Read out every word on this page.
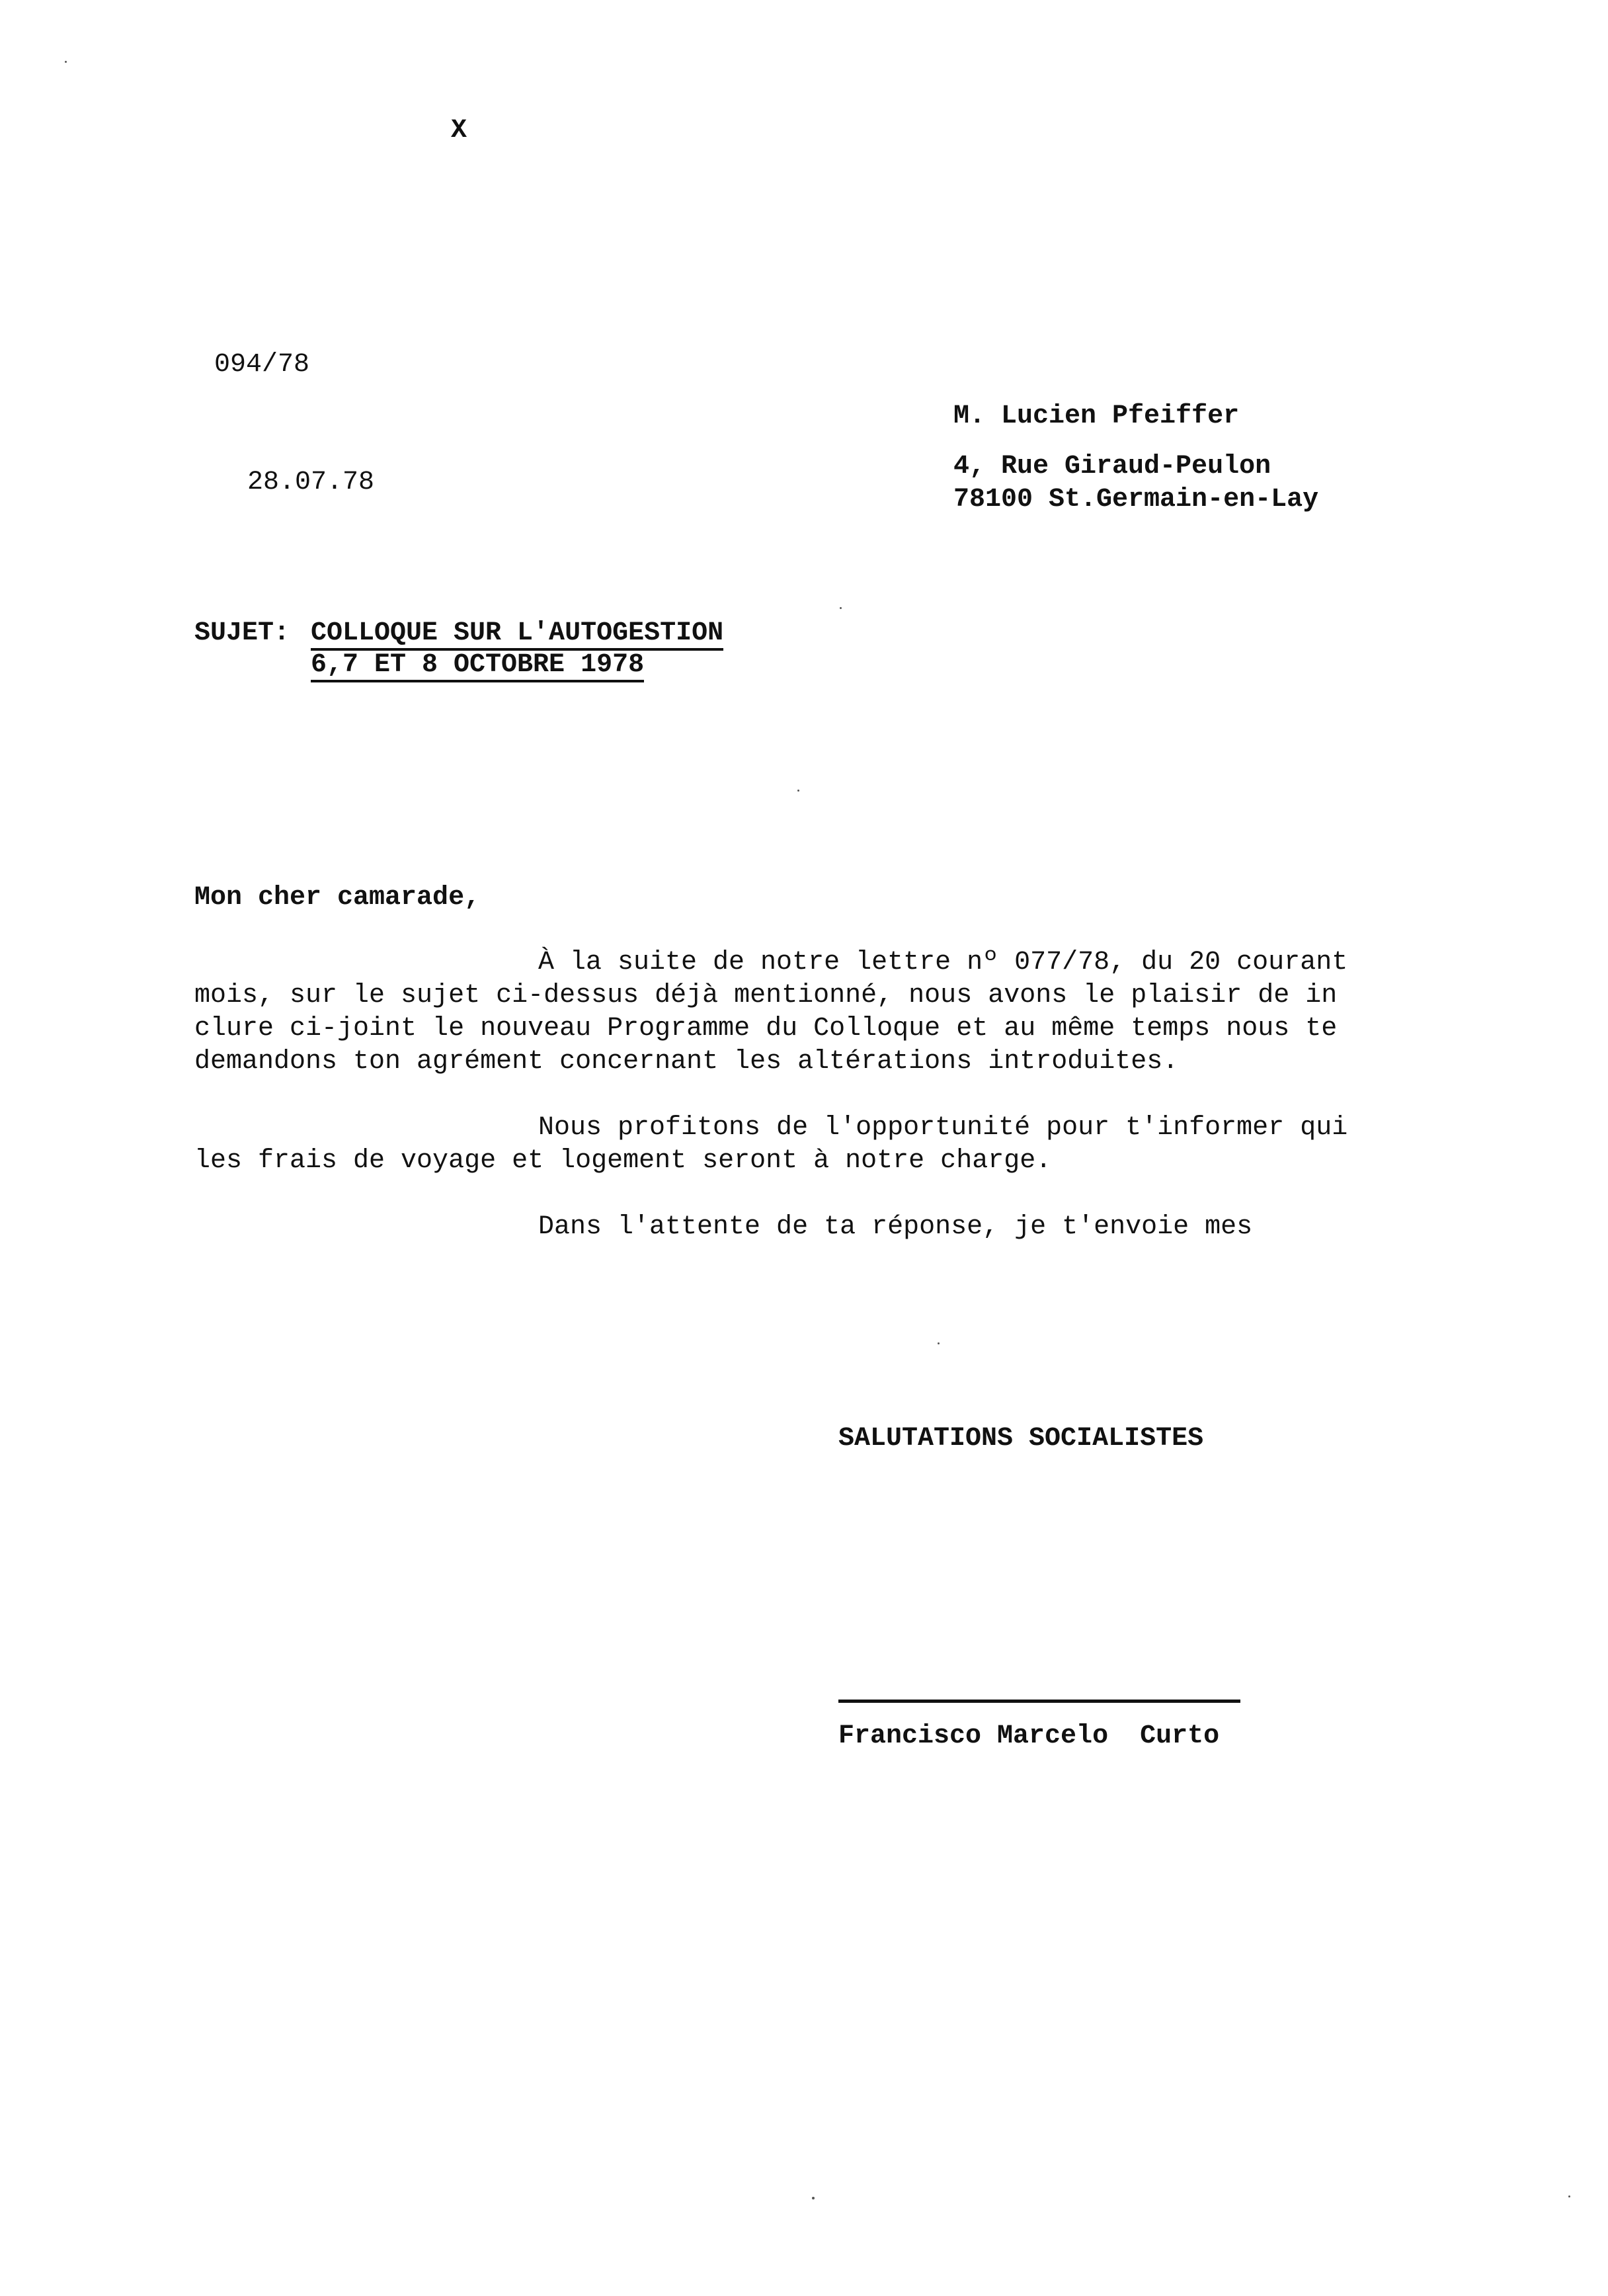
X
094/78
28.07.78
M. Lucien Pfeiffer
4, Rue Giraud-Peulon
78100 St.Germain-en-Lay
SUJET: COLLOQUE SUR L'AUTOGESTION
6,7 ET 8 OCTOBRE 1978
Mon cher camarade,
À la suite de notre lettre nº 077/78, du 20 courant
mois, sur le sujet ci-dessus déjà mentionné, nous avons le plaisir de in
clure ci-joint le nouveau Programme du Colloque et au même temps nous te
demandons ton agrément concernant les altérations introduites.
Nous profitons de l'opportunité pour t'informer qui
les frais de voyage et logement seront à notre charge.
Dans l'attente de ta réponse, je t'envoie mes
SALUTATIONS SOCIALISTES
Francisco Marcelo  Curto
